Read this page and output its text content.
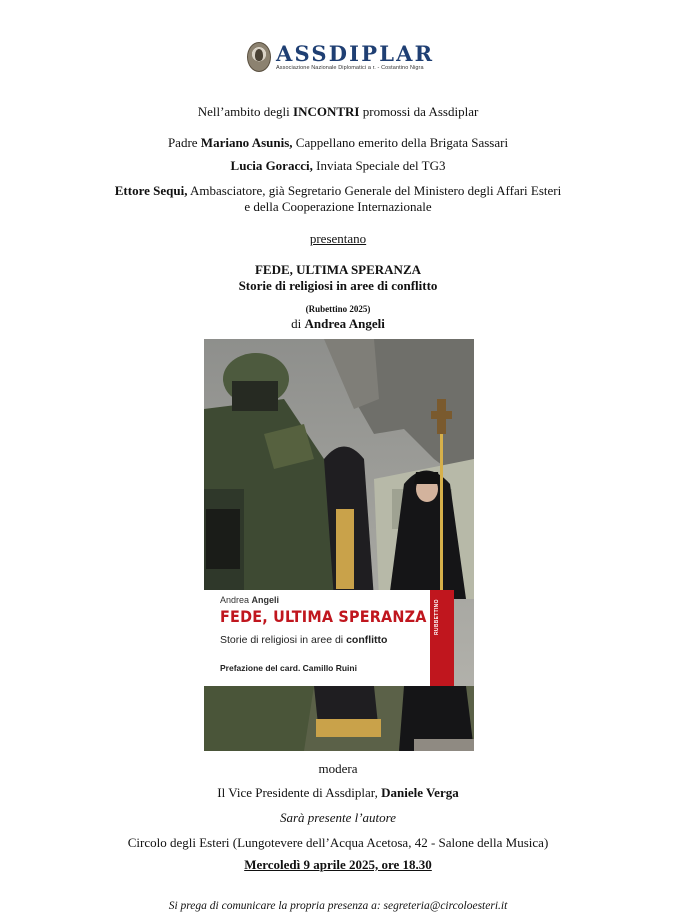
ASSDIPLAR
Associazione Nazionale Diplomatici a r. - Costantino Nigra
Nell’ambito degli INCONTRI promossi da Assdiplar
Padre Mariano Asunis, Cappellano emerito della Brigata Sassari
Lucia Goracci, Inviata Speciale del TG3
Ettore Sequi, Ambasciatore, già Segretario Generale del Ministero degli Affari Esteri
e della Cooperazione Internazionale
presentano
FEDE, ULTIMA SPERANZA
Storie di religiosi in aree di conflitto
(Rubettino 2025)
di Andrea Angeli
RUBBETTINO
Andrea Angeli
FEDE, ULTIMA SPERANZA
Storie di religiosi in aree di conflitto
Prefazione del card. Camillo Ruini
modera
Il Vice Presidente di Assdiplar, Daniele Verga
Sarà presente l’autore
Circolo degli Esteri (Lungotevere dell’Acqua Acetosa, 42 - Salone della Musica)
Mercoledì 9 aprile 2025, ore 18.30
Si prega di comunicare la propria presenza a: segreteria@circoloesteri.it
